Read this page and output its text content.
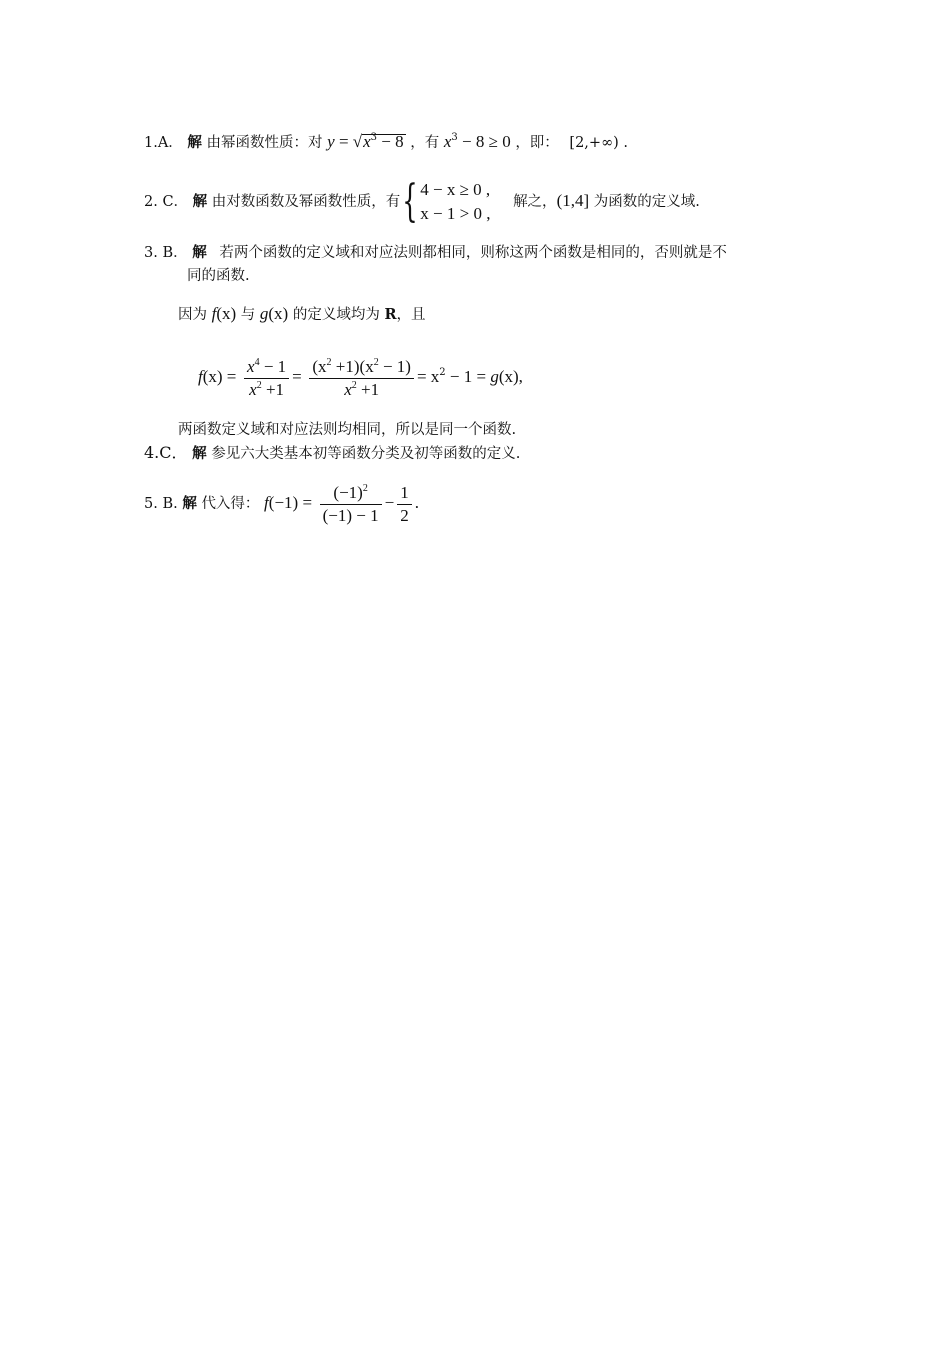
1.A． 解 由幂函数性质：对 $y = √x^3 - 8$ ，有 $x^3 - 8 \ge 0$ ，即： [2,+∞) .
2. C． 解 由对数函数及幂函数性质，有{ 4 − x ≥ 0 ,
x − 1 > 0 ,
解之，(1,4] 为函数的定义域.
3. B． 解 若两个函数的定义域和对应法则都相同，则称这两个函数是相同的，否则就是不
同的函数.
因为 f(x) 与 g(x) 的定义域均为 R，且
$f(x) = \frac{x^4 - 1}{x^2 +1} = \frac{(x^2 +1)(x^2 - 1)}{x^2 +1} = x^2 - 1 = g(x)$,
两函数定义域和对应法则均相同，所以是同一个函数.
4.C． 解 参见六大类基本初等函数分类及初等函数的定义.
5. B. 解 代入得： $f(-1) = \frac{(-1)^2}{(-1) - 1} - \frac{1}{2}$ .
